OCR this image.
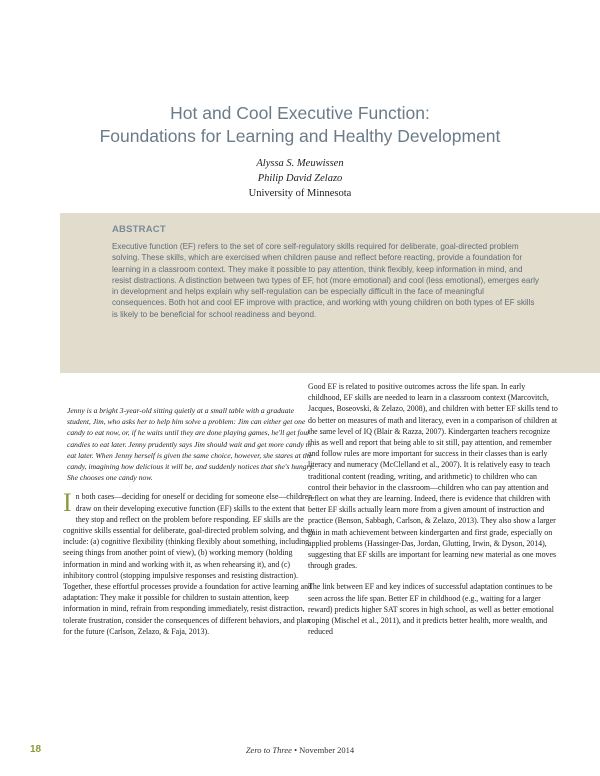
Hot and Cool Executive Function:
Foundations for Learning and Healthy Development
Alyssa S. Meuwissen
Philip David Zelazo
University of Minnesota

ABSTRACT

Executive function (EF) refers to the set of core self-regulatory skills required for deliberate, goal-directed problem solving. These skills, which are exercised when children pause and reflect before reacting, provide a foundation for learning in a classroom context. They make it possible to pay attention, think flexibly, keep information in mind, and resist distractions. A distinction between two types of EF, hot (more emotional) and cool (less emotional), emerges early in development and helps explain why self-regulation can be especially difficult in the face of meaningful consequences. Both hot and cool EF improve with practice, and working with young children on both types of EF skills is likely to be beneficial for school readiness and beyond.

Jenny is a bright 3-year-old sitting quietly at a small table with a graduate student, Jim, who asks her to help him solve a problem: Jim can either get one candy to eat now, or, if he waits until they are done playing games, he'll get four candies to eat later. Jenny prudently says Jim should wait and get more candy to eat later. When Jenny herself is given the same choice, however, she stares at the candy, imagining how delicious it will be, and suddenly notices that she's hungry. She chooses one candy now.

In both cases—deciding for oneself or deciding for someone else—children draw on their developing executive function (EF) skills to the extent that they stop and reflect on the problem before responding. EF skills are the cognitive skills essential for deliberate, goal-directed problem solving, and they include: (a) cognitive flexibility (thinking flexibly about something, including seeing things from another point of view), (b) working memory (holding information in mind and working with it, as when rehearsing it), and (c) inhibitory control (stopping impulsive responses and resisting distraction). Together, these effortful processes provide a foundation for active learning and adaptation: They make it possible for children to sustain attention, keep information in mind, refrain from responding immediately, resist distraction, tolerate frustration, consider the consequences of different behaviors, and plan for the future (Carlson, Zelazo, & Faja, 2013).

Good EF is related to positive outcomes across the life span. In early childhood, EF skills are needed to learn in a classroom context (Marcovitch, Jacques, Boseovski, & Zelazo, 2008), and children with better EF skills tend to do better on measures of math and literacy, even in a comparison of children at the same level of IQ (Blair & Razza, 2007). Kindergarten teachers recognize this as well and report that being able to sit still, pay attention, and remember and follow rules are more important for success in their classes than is early literacy and numeracy (McClelland et al., 2007). It is relatively easy to teach traditional content (reading, writing, and arithmetic) to children who can control their behavior in the classroom—children who can pay attention and reflect on what they are learning. Indeed, there is evidence that children with better EF skills actually learn more from a given amount of instruction and practice (Benson, Sabbagh, Carlson, & Zelazo, 2013). They also show a larger gain in math achievement between kindergarten and first grade, especially on applied problems (Hassinger-Das, Jordan, Glutting, Irwin, & Dyson, 2014), suggesting that EF skills are important for learning new material as one moves through grades.

The link between EF and key indices of successful adaptation continues to be seen across the life span. Better EF in childhood (e.g., waiting for a larger reward) predicts higher SAT scores in high school, as well as better emotional coping (Mischel et al., 2011), and it predicts better health, more wealth, and reduced

18	Zero to Three • November 2014
